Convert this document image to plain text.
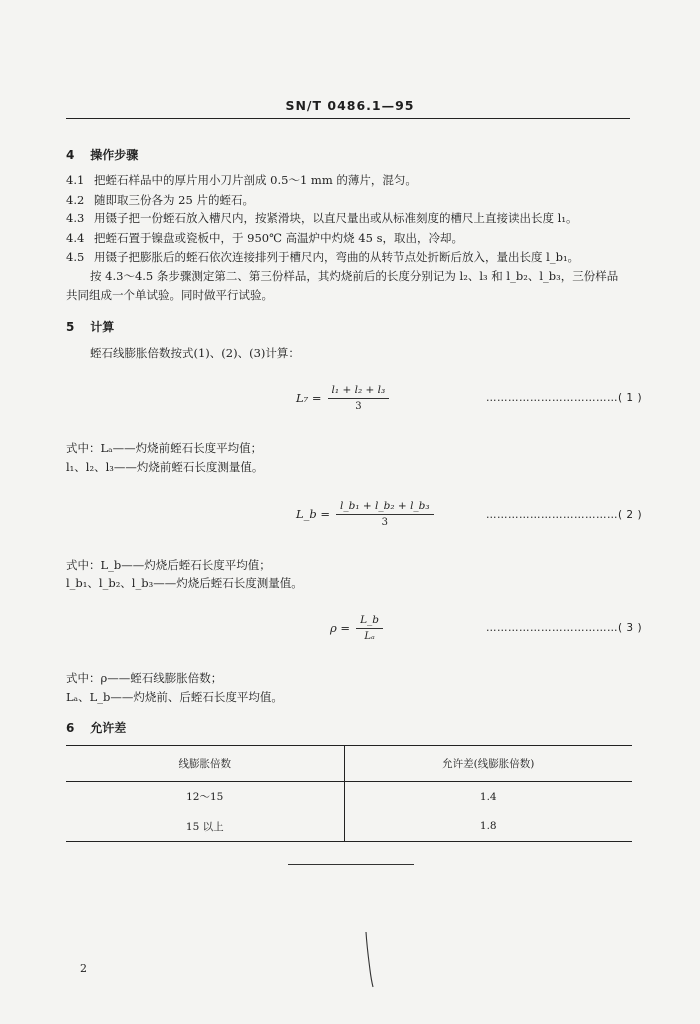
SN/T 0486.1—95
4 操作步骤
4.1 把蛭石样品中的厚片用小刀片剖成 0.5～1 mm 的薄片，混匀。
4.2 随即取三份各为 25 片的蛭石。
4.3 用镊子把一份蛭石放入槽尺内，按紧滑块，以直尺量出或从标准刻度的槽尺上直接读出长度 l₁。
4.4 把蛭石置于镍盘或瓷板中，于 950℃ 高温炉中灼烧 45 s，取出，冷却。
4.5 用镊子把膨胀后的蛭石依次连接排列于槽尺内，弯曲的从转节点处折断后放入，量出长度 l_b₁。
按 4.3～4.5 条步骤测定第二、第三份样品，其灼烧前后的长度分别记为 l₂、l₃ 和 l_b₂、l_b₃，三份样品
共同组成一个单试验。同时做平行试验。
5 计算
蛭石线膨胀倍数按式(1)、(2)、(3)计算：
$L_7 = \frac{\text{l₁ + l₂ + l₃}}{3}$	………………………………( 1 )
式中：Lₐ——灼烧前蛭石长度平均值；
l₁、l₂、l₃——灼烧前蛭石长度测量值。
L_b = $\frac{\text{l\_b₁ + l\_b₂ + l\_b₃}}{3}$	………………………………( 2 )
式中：L_b——灼烧后蛭石长度平均值；
l_b₁、l_b₂、l_b₃——灼烧后蛭石长度测量值。
$\rho = \frac{L\_b}{\text{Lₐ}}$	………………………………( 3 )
式中：ρ——蛭石线膨胀倍数；
Lₐ、L_b——灼烧前、后蛭石长度平均值。
6 允许差
线膨胀倍数	允许差(线膨胀倍数)
12～15	1.4
15 以上	1.8
2
